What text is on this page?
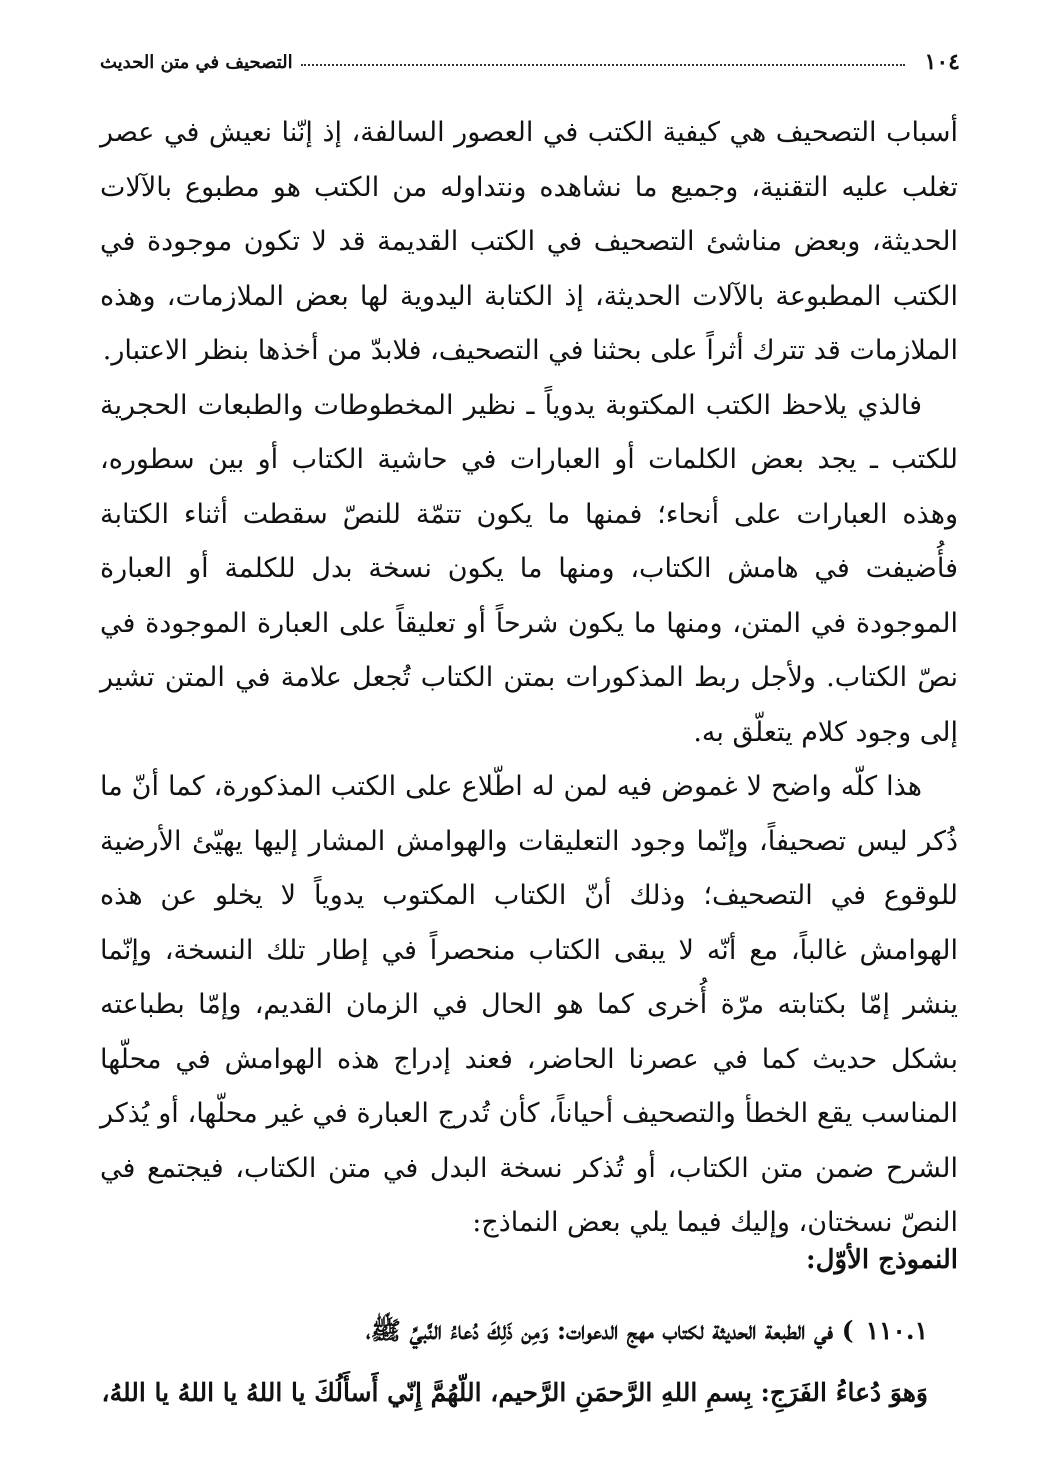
١٠٤
التصحيف في متن الحديث

أسباب التصحيف هي كيفية الكتب في العصور السالفة، إذ إنّنا نعيش في عصر تغلب عليه التقنية، وجميع ما نشاهده ونتداوله من الكتب هو مطبوع بالآلات الحديثة، وبعض مناشئ التصحيف في الكتب القديمة قد لا تكون موجودة في الكتب المطبوعة بالآلات الحديثة، إذ الكتابة اليدوية لها بعض الملازمات، وهذه الملازمات قد تترك أثراً على بحثنا في التصحيف، فلابدّ من أخذها بنظر الاعتبار.

فالذي يلاحظ الكتب المكتوبة يدوياً ـ نظير المخطوطات والطبعات الحجرية للكتب ـ يجد بعض الكلمات أو العبارات في حاشية الكتاب أو بين سطوره، وهذه العبارات على أنحاء؛ فمنها ما يكون تتمّة للنصّ سقطت أثناء الكتابة فأُضيفت في هامش الكتاب، ومنها ما يكون نسخة بدل للكلمة أو العبارة الموجودة في المتن، ومنها ما يكون شرحاً أو تعليقاً على العبارة الموجودة في نصّ الكتاب. ولأجل ربط المذكورات بمتن الكتاب تُجعل علامة في المتن تشير إلى وجود كلام يتعلّق به.

هذا كلّه واضح لا غموض فيه لمن له اطّلاع على الكتب المذكورة، كما أنّ ما ذُكر ليس تصحيفاً، وإنّما وجود التعليقات والهوامش المشار إليها يهيّئ الأرضية للوقوع في التصحيف؛ وذلك أنّ الكتاب المكتوب يدوياً لا يخلو عن هذه الهوامش غالباً، مع أنّه لا يبقى الكتاب منحصراً في إطار تلك النسخة، وإنّما ينشر إمّا بكتابته مرّة أُخرى كما هو الحال في الزمان القديم، وإمّا بطباعته بشكل حديث كما في عصرنا الحاضر، فعند إدراج هذه الهوامش في محلّها المناسب يقع الخطأ والتصحيف أحياناً، كأن تُدرج العبارة في غير محلّها، أو يُذكر الشرح ضمن متن الكتاب، أو تُذكر نسخة البدل في متن الكتاب، فيجتمع في النصّ نسختان، وإليك فيما يلي بعض النماذج:

النموذج الأوّل:
١١٠.١) في الطبعة الحديثة لكتاب مهج الدعوات: وَمِن ذَلِكَ دُعاءُ النَّبيِّ ﷺ،
وَهوَ دُعاءُ الفَرَجِ: بِسمِ اللهِ الرَّحمَنِ الرَّحيم، اللّهُمَّ إِنّي أَسأَلُكَ يا اللهُ يا اللهُ يا اللهُ،
